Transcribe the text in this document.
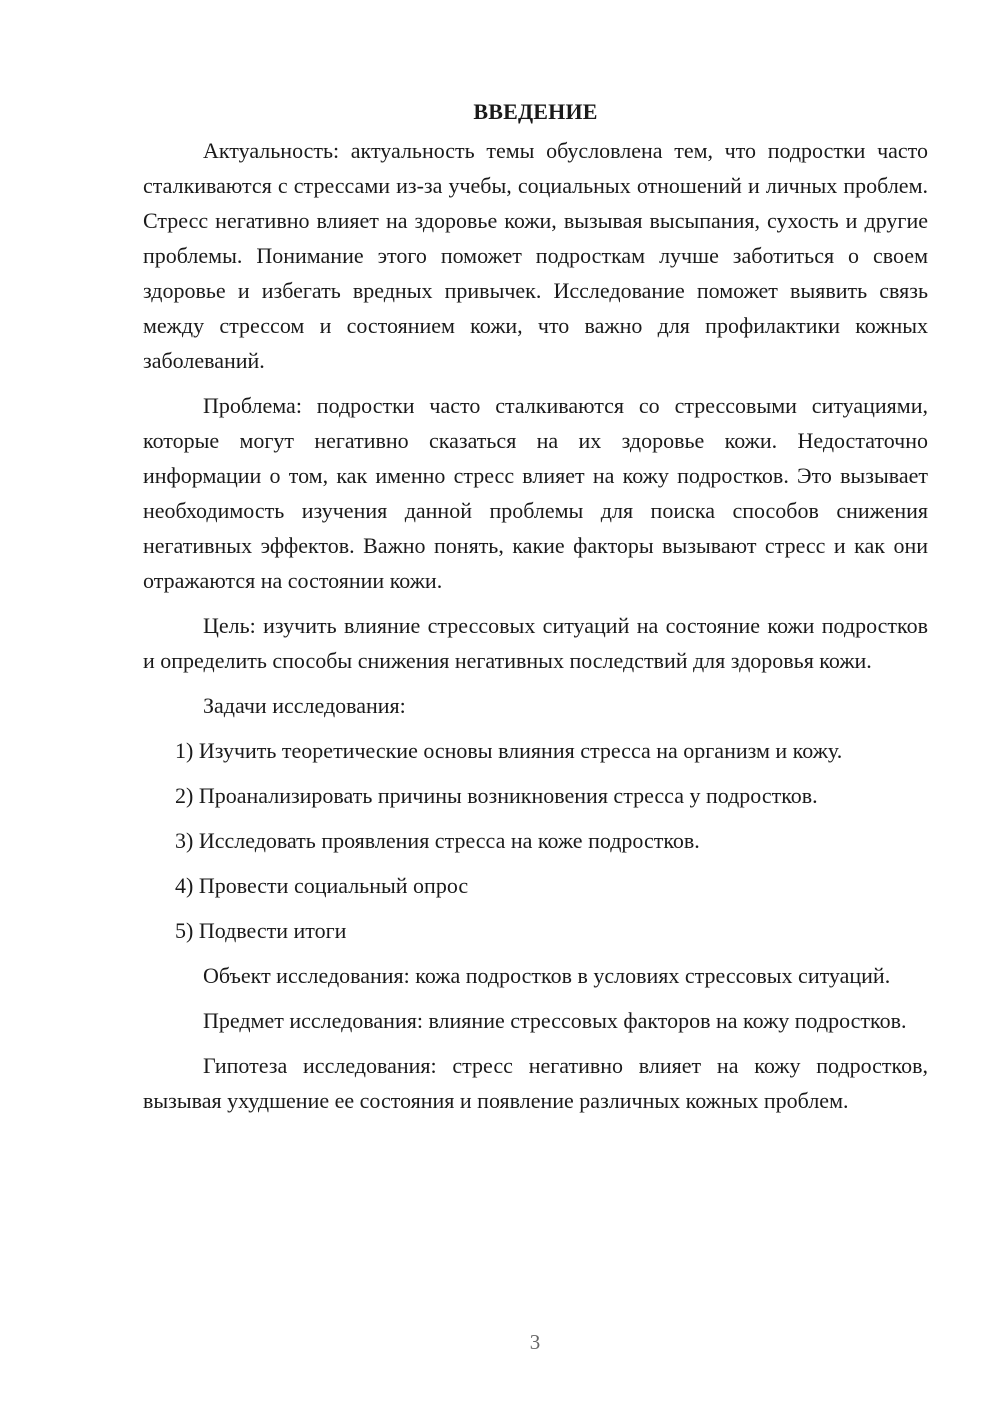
ВВЕДЕНИЕ

Актуальность: актуальность темы обусловлена тем, что подростки часто сталкиваются с стрессами из-за учебы, социальных отношений и личных проблем. Стресс негативно влияет на здоровье кожи, вызывая высыпания, сухость и другие проблемы. Понимание этого поможет подросткам лучше заботиться о своем здоровье и избегать вредных привычек. Исследование поможет выявить связь между стрессом и состоянием кожи, что важно для профилактики кожных заболеваний.

Проблема: подростки часто сталкиваются со стрессовыми ситуациями, которые могут негативно сказаться на их здоровье кожи. Недостаточно информации о том, как именно стресс влияет на кожу подростков. Это вызывает необходимость изучения данной проблемы для поиска способов снижения негативных эффектов. Важно понять, какие факторы вызывают стресс и как они отражаются на состоянии кожи.

Цель: изучить влияние стрессовых ситуаций на состояние кожи подростков и определить способы снижения негативных последствий для здоровья кожи.

Задачи исследования:

1) Изучить теоретические основы влияния стресса на организм и кожу.
2) Проанализировать причины возникновения стресса у подростков.
3) Исследовать проявления стресса на коже подростков.
4) Провести социальный опрос
5) Подвести итоги

Объект исследования: кожа подростков в условиях стрессовых ситуаций.

Предмет исследования: влияние стрессовых факторов на кожу подростков.

Гипотеза исследования: стресс негативно влияет на кожу подростков, вызывая ухудшение ее состояния и появление различных кожных проблем.

3
